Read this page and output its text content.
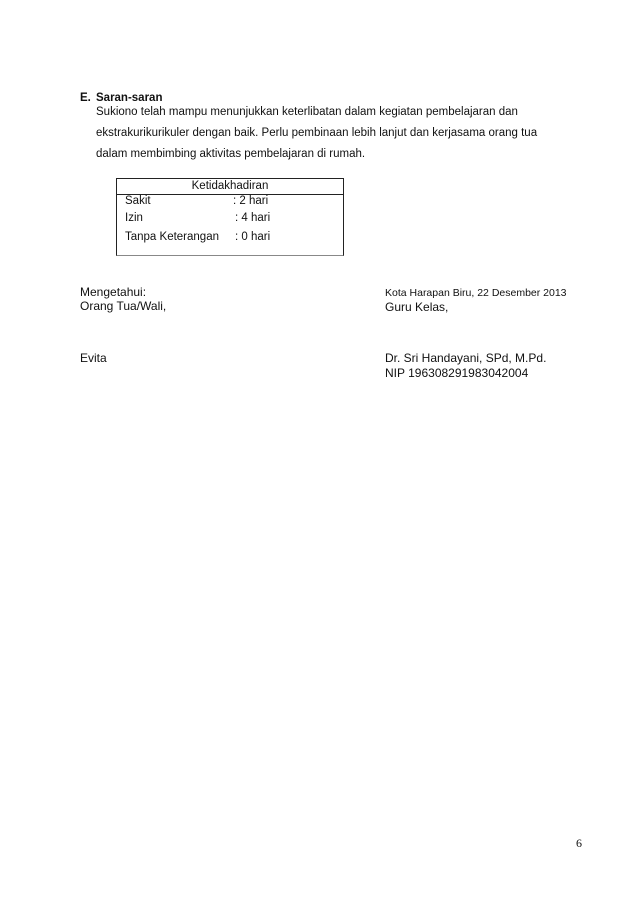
E. Saran-saran
Sukiono telah mampu menunjukkan keterlibatan dalam kegiatan pembelajaran dan
ekstrakurikurikuler dengan baik. Perlu pembinaan lebih lanjut dan kerjasama orang tua
dalam membimbing aktivitas pembelajaran di rumah.
Ketidakhadiran
Sakit	: 2 hari
Izin	: 4 hari
Tanpa Keterangan : 0 hari
Mengetahui:
Orang Tua/Wali,
Kota Harapan Biru, 22 Desember 2013
Guru Kelas,
Evita	Dr. Sri Handayani, SPd, M.Pd.
NIP 196308291983042004
6
